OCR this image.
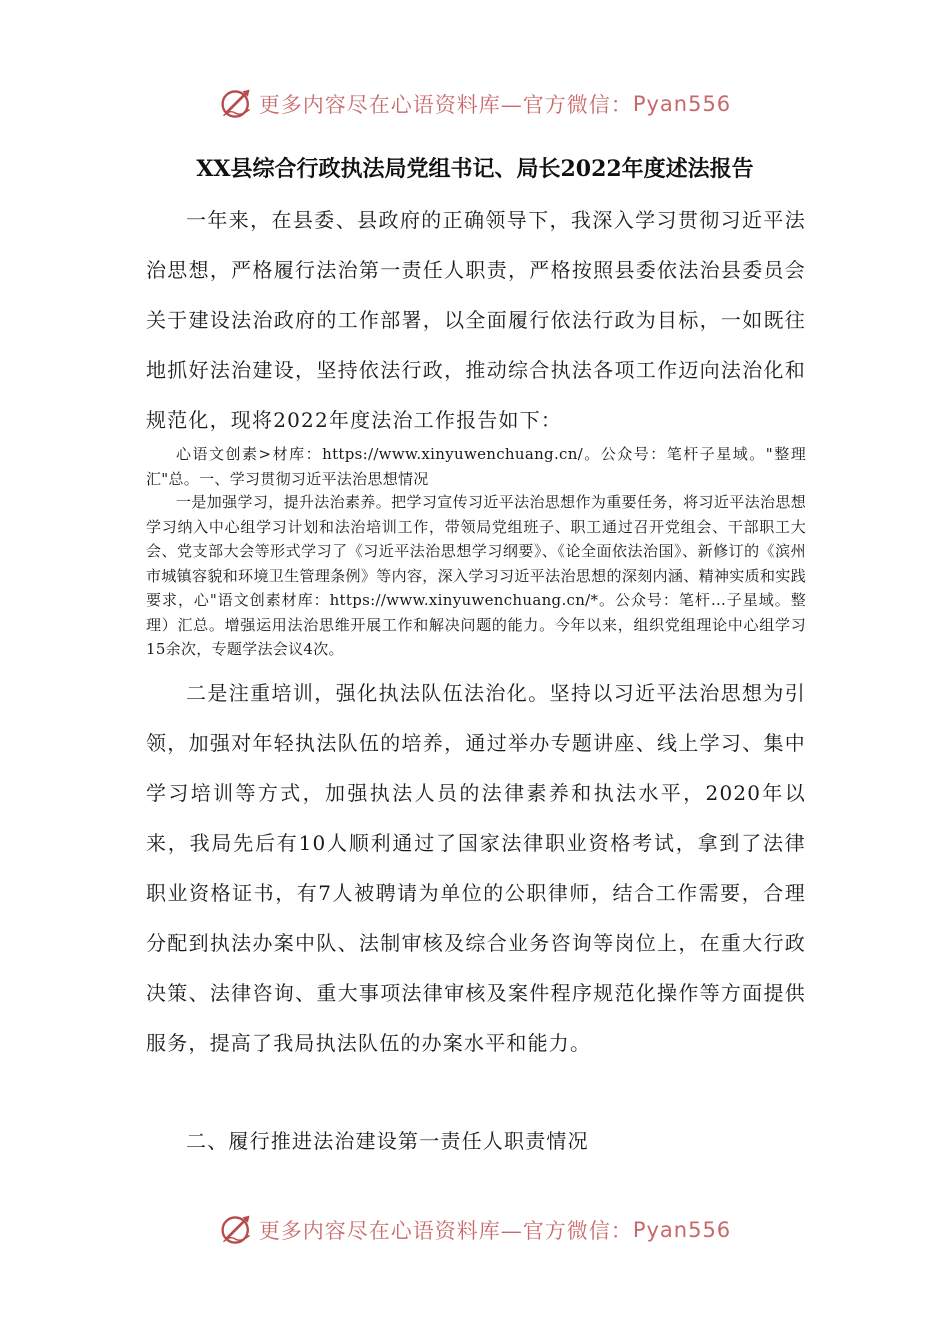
更多内容尽在心语资料库—官方微信： Pyan556
XX县综合行政执法局党组书记、局长2022年度述法报告

一年来，在县委、县政府的正确领导下，我深入学习贯彻习近平法治思想，严格履行法治第一责任人职责，严格按照县委依法治县委员会关于建设法治政府的工作部署，以全面履行依法行政为目标，一如既往地抓好法治建设，坚持依法行政，推动综合执法各项工作迈向法治化和规范化，现将2022年度法治工作报告如下：

心语文创素>材库：https://www.xinyuwenchuang.cn/。公众号：笔杆子星域。"整理汇"总。一、学习贯彻习近平法治思想情况

一是加强学习，提升法治素养。把学习宣传习近平法治思想作为重要任务，将习近平法治思想学习纳入中心组学习计划和法治培训工作，带领局党组班子、职工通过召开党组会、干部职工大会、党支部大会等形式学习了《习近平法治思想学习纲要》、《论全面依法治国》、新修订的《滨州市城镇容貌和环境卫生管理条例》等内容，深入学习习近平法治思想的深刻内涵、精神实质和实践要求，心"语文创素材库：https://www.xinyuwenchuang.cn/*。公众号：笔杆…子星域。整理）汇总。增强运用法治思维开展工作和解决问题的能力。今年以来，组织党组理论中心组学习15余次，专题学法会议4次。

二是注重培训，强化执法队伍法治化。坚持以习近平法治思想为引领，加强对年轻执法队伍的培养，通过举办专题讲座、线上学习、集中学习培训等方式，加强执法人员的法律素养和执法水平，2020年以来，我局先后有10人顺利通过了国家法律职业资格考试，拿到了法律职业资格证书，有7人被聘请为单位的公职律师，结合工作需要，合理分配到执法办案中队、法制审核及综合业务咨询等岗位上，在重大行政决策、法律咨询、重大事项法律审核及案件程序规范化操作等方面提供服务，提高了我局执法队伍的办案水平和能力。

二、履行推进法治建设第一责任人职责情况

更多内容尽在心语资料库—官方微信： Pyan556
